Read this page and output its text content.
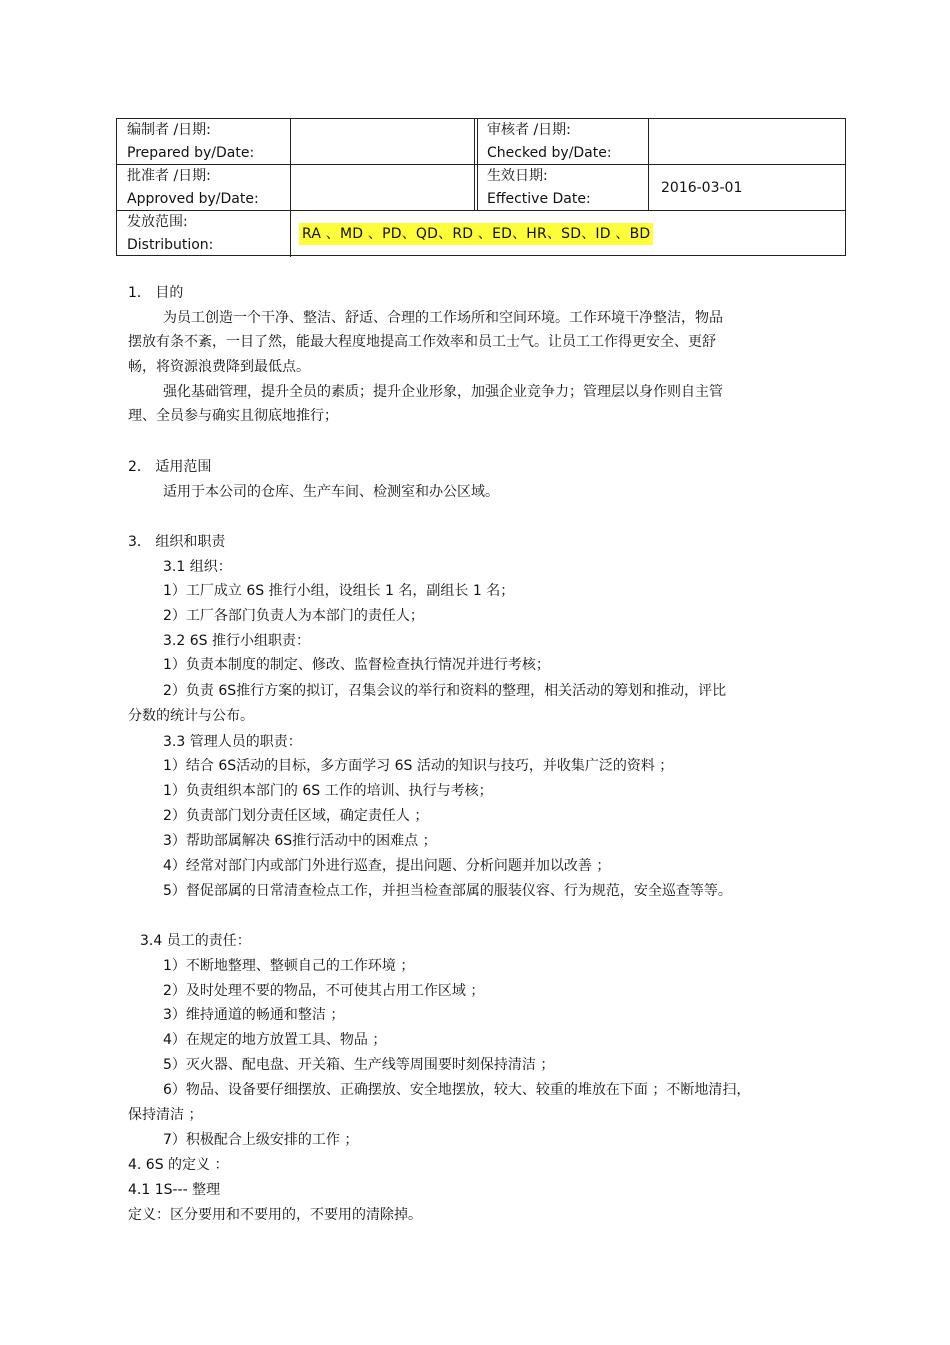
编制者 /日期:
Prepared by/Date:
审核者 /日期:
Checked by/Date:
批准者 /日期:
Approved by/Date:
生效日期:
Effective Date:
2016-03-01
发放范围:
Distribution:
RA 、MD 、PD、QD、RD 、ED、HR、SD、ID 、BD
1． 目的
为员工创造一个干净、整洁、舒适、合理的工作场所和空间环境。工作环境干净整洁，物品
摆放有条不紊，一目了然，能最大程度地提高工作效率和员工士气。让员工工作得更安全、更舒
畅，将资源浪费降到最低点。
强化基础管理，提升全员的素质；提升企业形象，加强企业竞争力；管理层以身作则自主管
理、全员参与确实且彻底地推行；
2． 适用范围
适用于本公司的仓库、生产车间、检测室和办公区域。
3． 组织和职责
3.1 组织：
1）工厂成立 6S 推行小组，设组长 1 名，副组长 1 名；
2）工厂各部门负责人为本部门的责任人；
3.2 6S 推行小组职责：
1）负责本制度的制定、修改、监督检查执行情况并进行考核；
2）负责 6S推行方案的拟订，召集会议的举行和资料的整理，相关活动的筹划和推动，评比
分数的统计与公布。
3.3 管理人员的职责：
1）结合 6S活动的目标，多方面学习 6S 活动的知识与技巧，并收集广泛的资料 ；
1）负责组织本部门的 6S 工作的培训、执行与考核；
2）负责部门划分责任区域，确定责任人 ；
3）帮助部属解决 6S推行活动中的困难点 ；
4）经常对部门内或部门外进行巡查，提出问题、分析问题并加以改善 ；
5）督促部属的日常清查检点工作，并担当检查部属的服装仪容、行为规范，安全巡查等等。
3.4 员工的责任：
1）不断地整理、整顿自己的工作环境 ；
2）及时处理不要的物品，不可使其占用工作区域 ；
3）维持通道的畅通和整洁 ；
4）在规定的地方放置工具、物品 ；
5）灭火器、配电盘、开关箱、生产线等周围要时刻保持清洁 ；
6）物品、设备要仔细摆放、正确摆放、安全地摆放，较大、较重的堆放在下面 ；不断地清扫，
保持清洁 ；
7）积极配合上级安排的工作 ；
4. 6S 的定义 ：
4.1 1S--- 整理
定义：区分要用和不要用的，不要用的清除掉。
